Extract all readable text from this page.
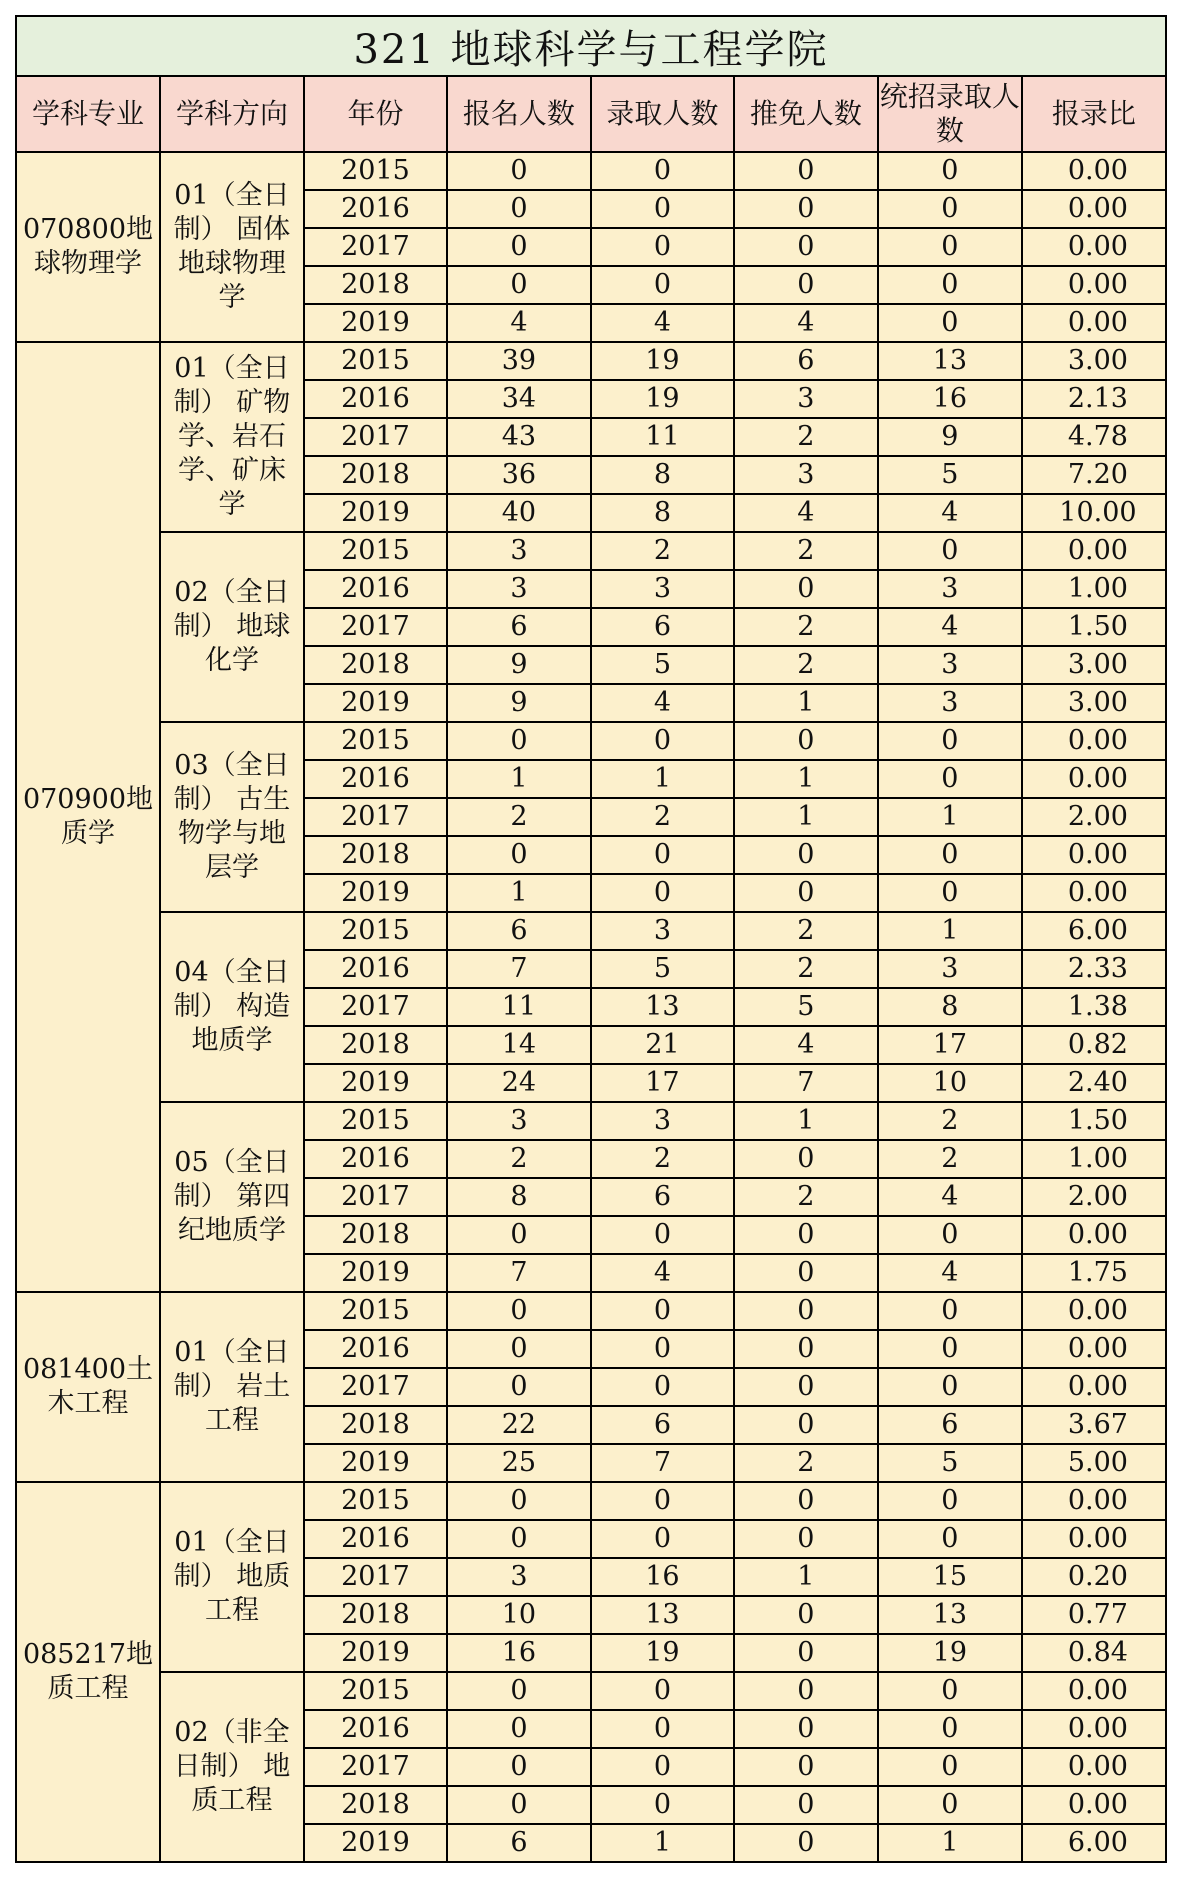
321 地球科学与工程学院							
学科专业	学科方向	年份	报名人数	录取人数	推免人数	统招录取人数	报录比
070800地球物理学	01（全日制） 固体地球物理学	2015	0	0	0	0	0.00
		2016	0	0	0	0	0.00
		2017	0	0	0	0	0.00
		2018	0	0	0	0	0.00
		2019	4	4	4	0	0.00
070900地质学	01（全日制） 矿物学、岩石学、矿床学	2015	39	19	6	13	3.00
		2016	34	19	3	16	2.13
		2017	43	11	2	9	4.78
		2018	36	8	3	5	7.20
		2019	40	8	4	4	10.00
	02（全日制） 地球化学	2015	3	2	2	0	0.00
		2016	3	3	0	3	1.00
		2017	6	6	2	4	1.50
		2018	9	5	2	3	3.00
		2019	9	4	1	3	3.00
	03（全日制） 古生物学与地层学	2015	0	0	0	0	0.00
		2016	1	1	1	0	0.00
		2017	2	2	1	1	2.00
		2018	0	0	0	0	0.00
		2019	1	0	0	0	0.00
	04（全日制） 构造地质学	2015	6	3	2	1	6.00
		2016	7	5	2	3	2.33
		2017	11	13	5	8	1.38
		2018	14	21	4	17	0.82
		2019	24	17	7	10	2.40
	05（全日制） 第四纪地质学	2015	3	3	1	2	1.50
		2016	2	2	0	2	1.00
		2017	8	6	2	4	2.00
		2018	0	0	0	0	0.00
		2019	7	4	0	4	1.75
081400土木工程	01（全日制） 岩土工程	2015	0	0	0	0	0.00
		2016	0	0	0	0	0.00
		2017	0	0	0	0	0.00
		2018	22	6	0	6	3.67
		2019	25	7	2	5	5.00
085217地质工程	01（全日制） 地质工程	2015	0	0	0	0	0.00
		2016	0	0	0	0	0.00
		2017	3	16	1	15	0.20
		2018	10	13	0	13	0.77
		2019	16	19	0	19	0.84
	02（非全日制） 地质工程	2015	0	0	0	0	0.00
		2016	0	0	0	0	0.00
		2017	0	0	0	0	0.00
		2018	0	0	0	0	0.00
		2019	6	1	0	1	6.00
